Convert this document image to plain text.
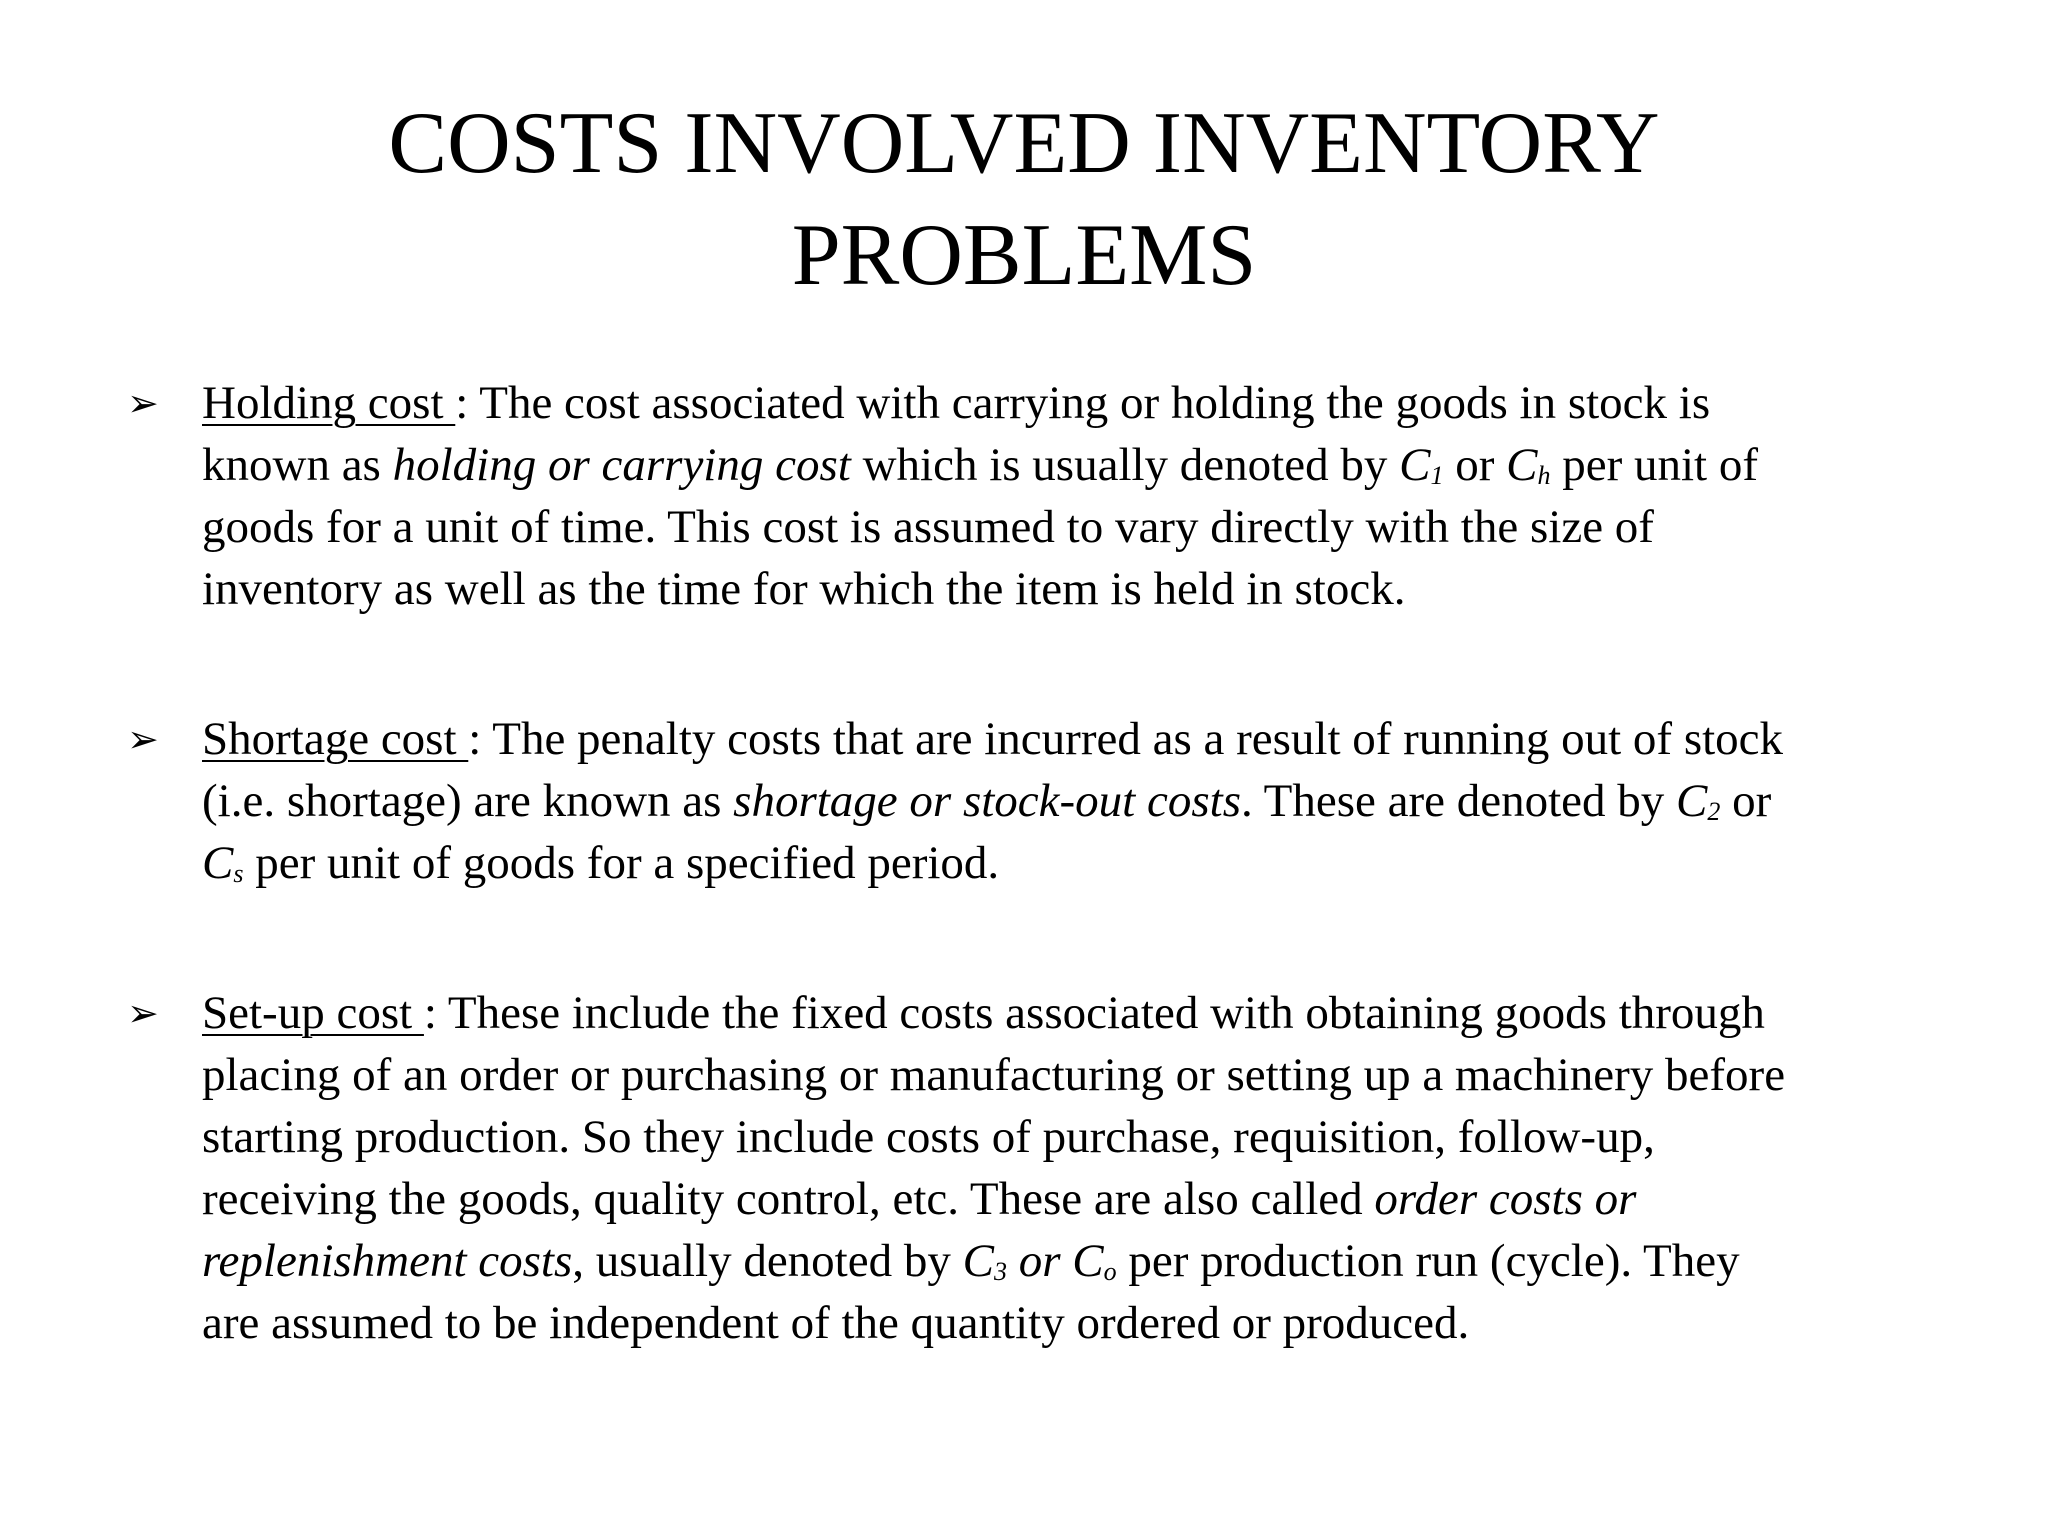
COSTS INVOLVED INVENTORY
PROBLEMS
➢ Holding cost : The cost associated with carrying or holding the goods in stock is
known as holding or carrying cost which is usually denoted by $C_1$ or $C_h$ per unit of
goods for a unit of time. This cost is assumed to vary directly with the size of
inventory as well as the time for which the item is held in stock.
➢ Shortage cost : The penalty costs that are incurred as a result of running out of stock
(i.e. shortage) are known as shortage or stock-out costs. These are denoted by $C_2$ or
$C_s$ per unit of goods for a specified period.
➢ Set-up cost : These include the fixed costs associated with obtaining goods through
placing of an order or purchasing or manufacturing or setting up a machinery before
starting production. So they include costs of purchase, requisition, follow-up,
receiving the goods, quality control, etc. These are also called order costs or
replenishment costs, usually denoted by $C_3$ or $C_o$ per production run (cycle). They
are assumed to be independent of the quantity ordered or produced.
